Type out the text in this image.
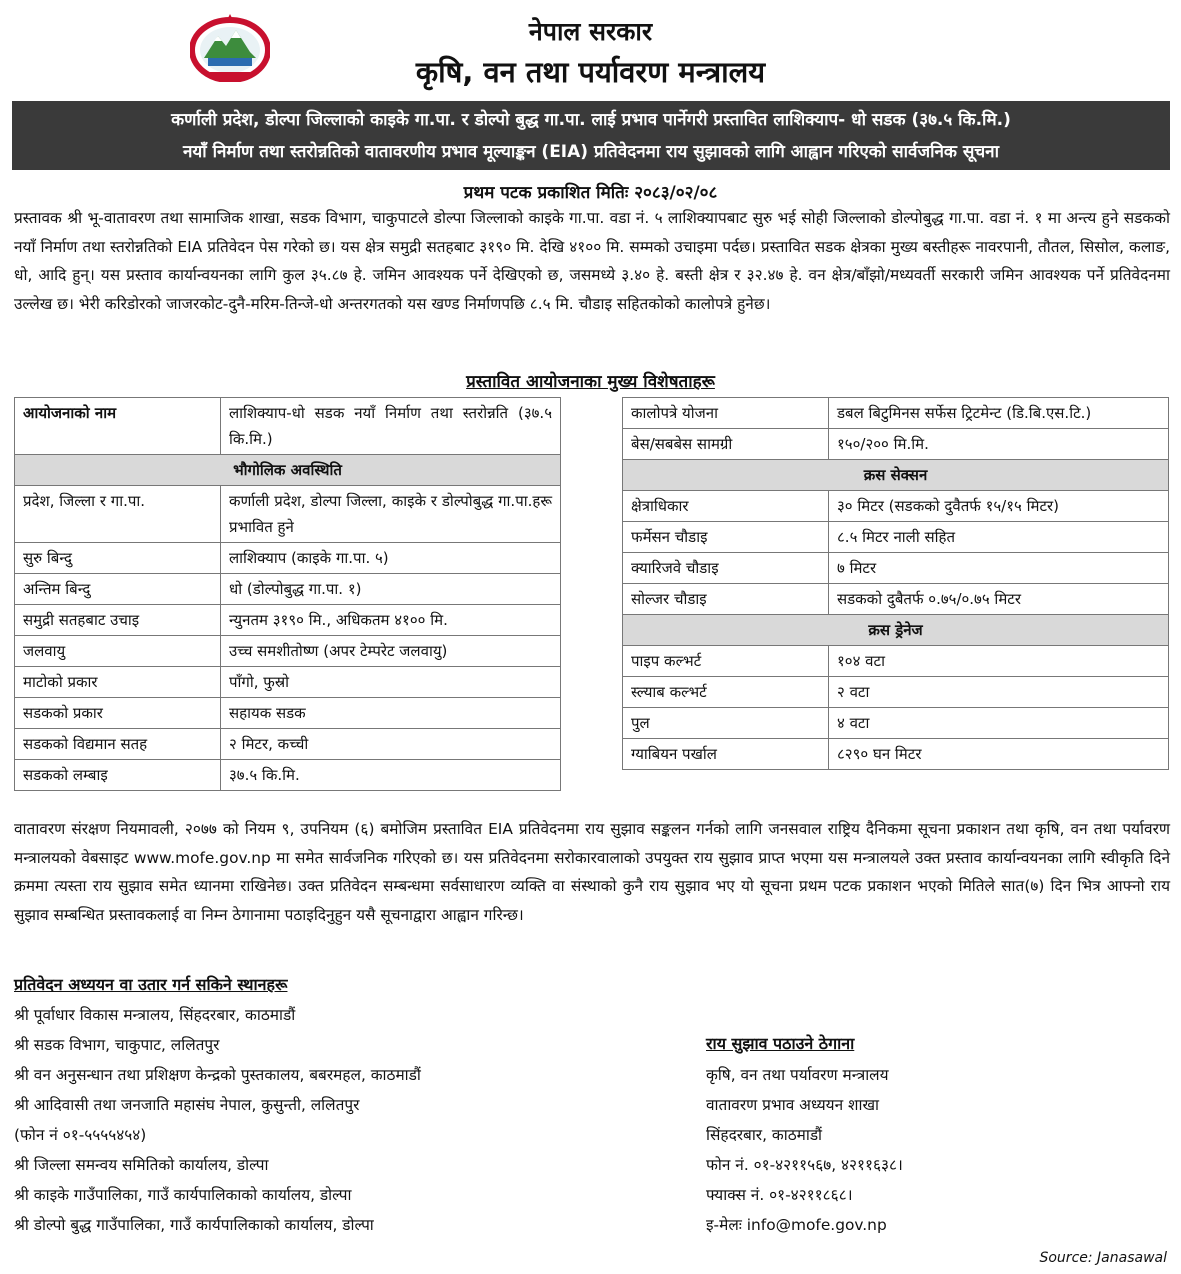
नेपाल सरकार
कृषि, वन तथा पर्यावरण मन्त्रालय
कर्णाली प्रदेश, डोल्पा जिल्लाको काइके गा.पा. र डोल्पो बुद्ध गा.पा. लाई प्रभाव पार्नेगरी प्रस्तावित लाशिक्याप- धो सडक (३७.५ कि.मि.)
नयाँ निर्माण तथा स्तरोन्नतिको वातावरणीय प्रभाव मूल्याङ्कन (EIA) प्रतिवेदनमा राय सुझावको लागि आह्वान गरिएको सार्वजनिक सूचना
प्रथम पटक प्रकाशित मितिः २०८३/०२/०८
प्रस्तावक श्री भू-वातावरण तथा सामाजिक शाखा, सडक विभाग, चाकुपाटले डोल्पा जिल्लाको काइके गा.पा. वडा नं. ५ लाशिक्यापबाट सुरु भई सोही जिल्लाको डोल्पोबुद्ध गा.पा. वडा नं. १ मा अन्त्य हुने सडकको नयाँ निर्माण तथा स्तरोन्नतिको EIA प्रतिवेदन पेस गरेको छ। यस क्षेत्र समुद्री सतहबाट ३१९० मि. देखि ४१०० मि. सम्मको उचाइमा पर्दछ। प्रस्तावित सडक क्षेत्रका मुख्य बस्तीहरू नावरपानी, तौतल, सिसोल, कलाङ, धो, आदि हुन्। यस प्रस्ताव कार्यान्वयनका लागि कुल ३५.८७ हे. जमिन आवश्यक पर्ने देखिएको छ, जसमध्ये ३.४० हे. बस्ती क्षेत्र र ३२.४७ हे. वन क्षेत्र/बाँझो/मध्यवर्ती सरकारी जमिन आवश्यक पर्ने प्रतिवेदनमा उल्लेख छ। भेरी करिडोरको जाजरकोट-दुनै-मरिम-तिन्जे-धो अन्तरगतको यस खण्ड निर्माणपछि ८.५ मि. चौडाइ सहितकोको कालोपत्रे हुनेछ।
प्रस्तावित आयोजनाका मुख्य विशेषताहरू
आयोजनाको नाम	लाशिक्याप-धो सडक नयाँ निर्माण तथा स्तरोन्नति (३७.५ कि.मि.)
भौगोलिक अवस्थिति	
प्रदेश, जिल्ला र गा.पा.	कर्णाली प्रदेश, डोल्पा जिल्ला, काइके र डोल्पोबुद्ध गा.पा.हरू प्रभावित हुने
सुरु बिन्दु	लाशिक्याप (काइके गा.पा. ५)
अन्तिम बिन्दु	धो (डोल्पोबुद्ध गा.पा. १)
समुद्री सतहबाट उचाइ	न्युनतम ३१९० मि., अधिकतम ४१०० मि.
जलवायु	उच्च समशीतोष्ण (अपर टेम्परेट जलवायु)
माटोको प्रकार	पाँगो, फुस्रो
सडकको प्रकार	सहायक सडक
सडकको विद्यमान सतह	२ मिटर, कच्ची
सडकको लम्बाइ	३७.५ कि.मि.
कालोपत्रे योजना	डबल बिटुमिनस सर्फेस ट्रिटमेन्ट (डि.बि.एस.टि.)
बेस/सबबेस सामग्री	१५०/२०० मि.मि.
क्रस सेक्सन	
क्षेत्राधिकार	३० मिटर (सडकको दुवैतर्फ १५/१५ मिटर)
फर्मेसन चौडाइ	८.५ मिटर नाली सहित
क्यारिजवे चौडाइ	७ मिटर
सोल्जर चौडाइ	सडकको दुबैतर्फ ०.७५/०.७५ मिटर
क्रस ड्रेनेज	
पाइप कल्भर्ट	१०४ वटा
स्ल्याब कल्भर्ट	२ वटा
पुल	४ वटा
ग्याबियन पर्खाल	८२९० घन मिटर
वातावरण संरक्षण नियमावली, २०७७ को नियम ९, उपनियम (६) बमोजिम प्रस्तावित EIA प्रतिवेदनमा राय सुझाव सङ्कलन गर्नको लागि जनसवाल राष्ट्रिय दैनिकमा सूचना प्रकाशन तथा कृषि, वन तथा पर्यावरण मन्त्रालयको वेबसाइट www.mofe.gov.np मा समेत सार्वजनिक गरिएको छ। यस प्रतिवेदनमा सरोकारवालाको उपयुक्त राय सुझाव प्राप्त भएमा यस मन्त्रालयले उक्त प्रस्ताव कार्यान्वयनका लागि स्वीकृति दिने क्रममा त्यस्ता राय सुझाव समेत ध्यानमा राखिनेछ। उक्त प्रतिवेदन सम्बन्धमा सर्वसाधारण व्यक्ति वा संस्थाको कुनै राय सुझाव भए यो सूचना प्रथम पटक प्रकाशन भएको मितिले सात(७) दिन भित्र आफ्नो राय सुझाव सम्बन्धित प्रस्तावकलाई वा निम्न ठेगानामा पठाइदिनुहुन यसै सूचनाद्वारा आह्वान गरिन्छ।
प्रतिवेदन अध्ययन वा उतार गर्न सकिने स्थानहरू
श्री पूर्वाधार विकास मन्त्रालय, सिंहदरबार, काठमाडौं
श्री सडक विभाग, चाकुपाट, ललितपुर
श्री वन अनुसन्धान तथा प्रशिक्षण केन्द्रको पुस्तकालय, बबरमहल, काठमाडौं
श्री आदिवासी तथा जनजाति महासंघ नेपाल, कुसुन्ती, ललितपुर
(फोन नं ०१-५५५५४५४)
श्री जिल्ला समन्वय समितिको कार्यालय, डोल्पा
श्री काइके गाउँपालिका, गाउँ कार्यपालिकाको कार्यालय, डोल्पा
श्री डोल्पो बुद्ध गाउँपालिका, गाउँ कार्यपालिकाको कार्यालय, डोल्पा
राय सुझाव पठाउने ठेगाना
कृषि, वन तथा पर्यावरण मन्त्रालय
वातावरण प्रभाव अध्ययन शाखा
सिंहदरबार, काठमाडौं
फोन नं. ०१-४२११५६७, ४२११६३८।
फ्याक्स नं. ०१-४२११८६८।
इ-मेलः info@mofe.gov.np
Source: Janasawal
